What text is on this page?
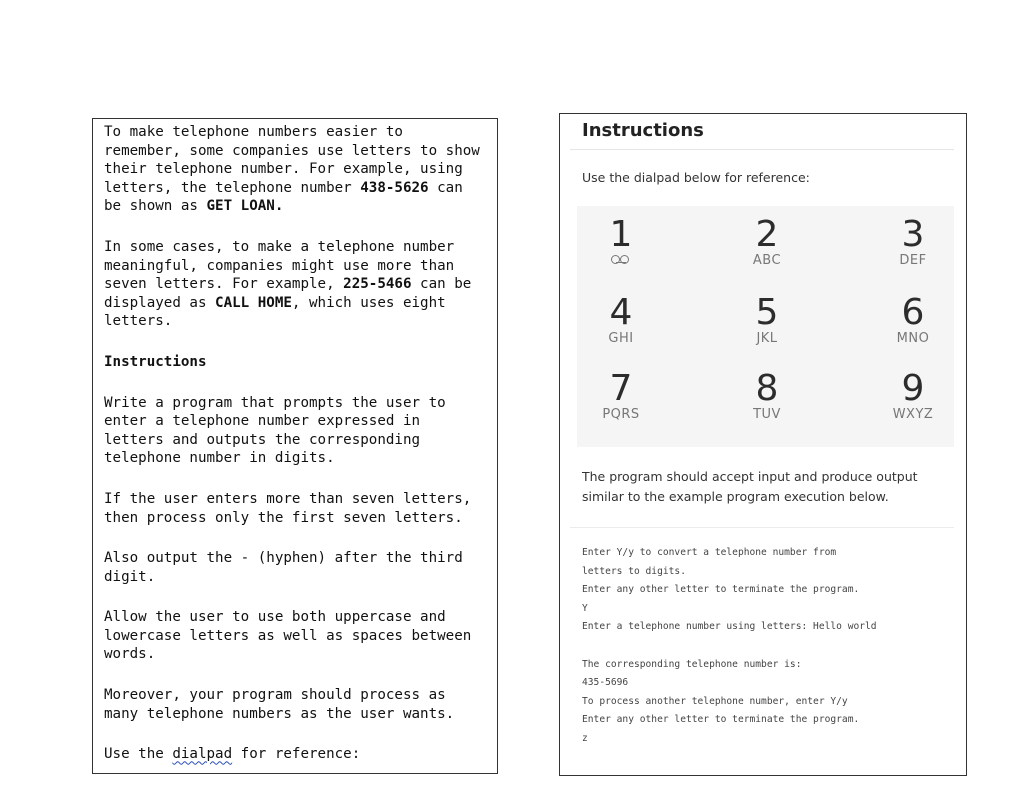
To make telephone numbers easier to
remember, some companies use letters to show
their telephone number. For example, using
letters, the telephone number 438-5626 can
be shown as GET LOAN.

In some cases, to make a telephone number
meaningful, companies might use more than
seven letters. For example, 225-5466 can be
displayed as CALL HOME, which uses eight
letters.

Instructions

Write a program that prompts the user to
enter a telephone number expressed in
letters and outputs the corresponding
telephone number in digits.

If the user enters more than seven letters,
then process only the first seven letters.

Also output the - (hyphen) after the third
digit.

Allow the user to use both uppercase and
lowercase letters as well as spaces between
words.

Moreover, your program should process as
many telephone numbers as the user wants.

Use the dialpad for reference:

Instructions
Use the dialpad below for reference:
1	2
ABC
3
DEF
4
GHI
5
JKL
6
MNO
7
PQRS
8
TUV
9
WXYZ
The program should accept input and produce output similar to the example program execution below.
Enter Y/y to convert a telephone number from
letters to digits.
Enter any other letter to terminate the program.
Y
Enter a telephone number using letters: Hello world

The corresponding telephone number is:
435-5696
To process another telephone number, enter Y/y
Enter any other letter to terminate the program.
z
